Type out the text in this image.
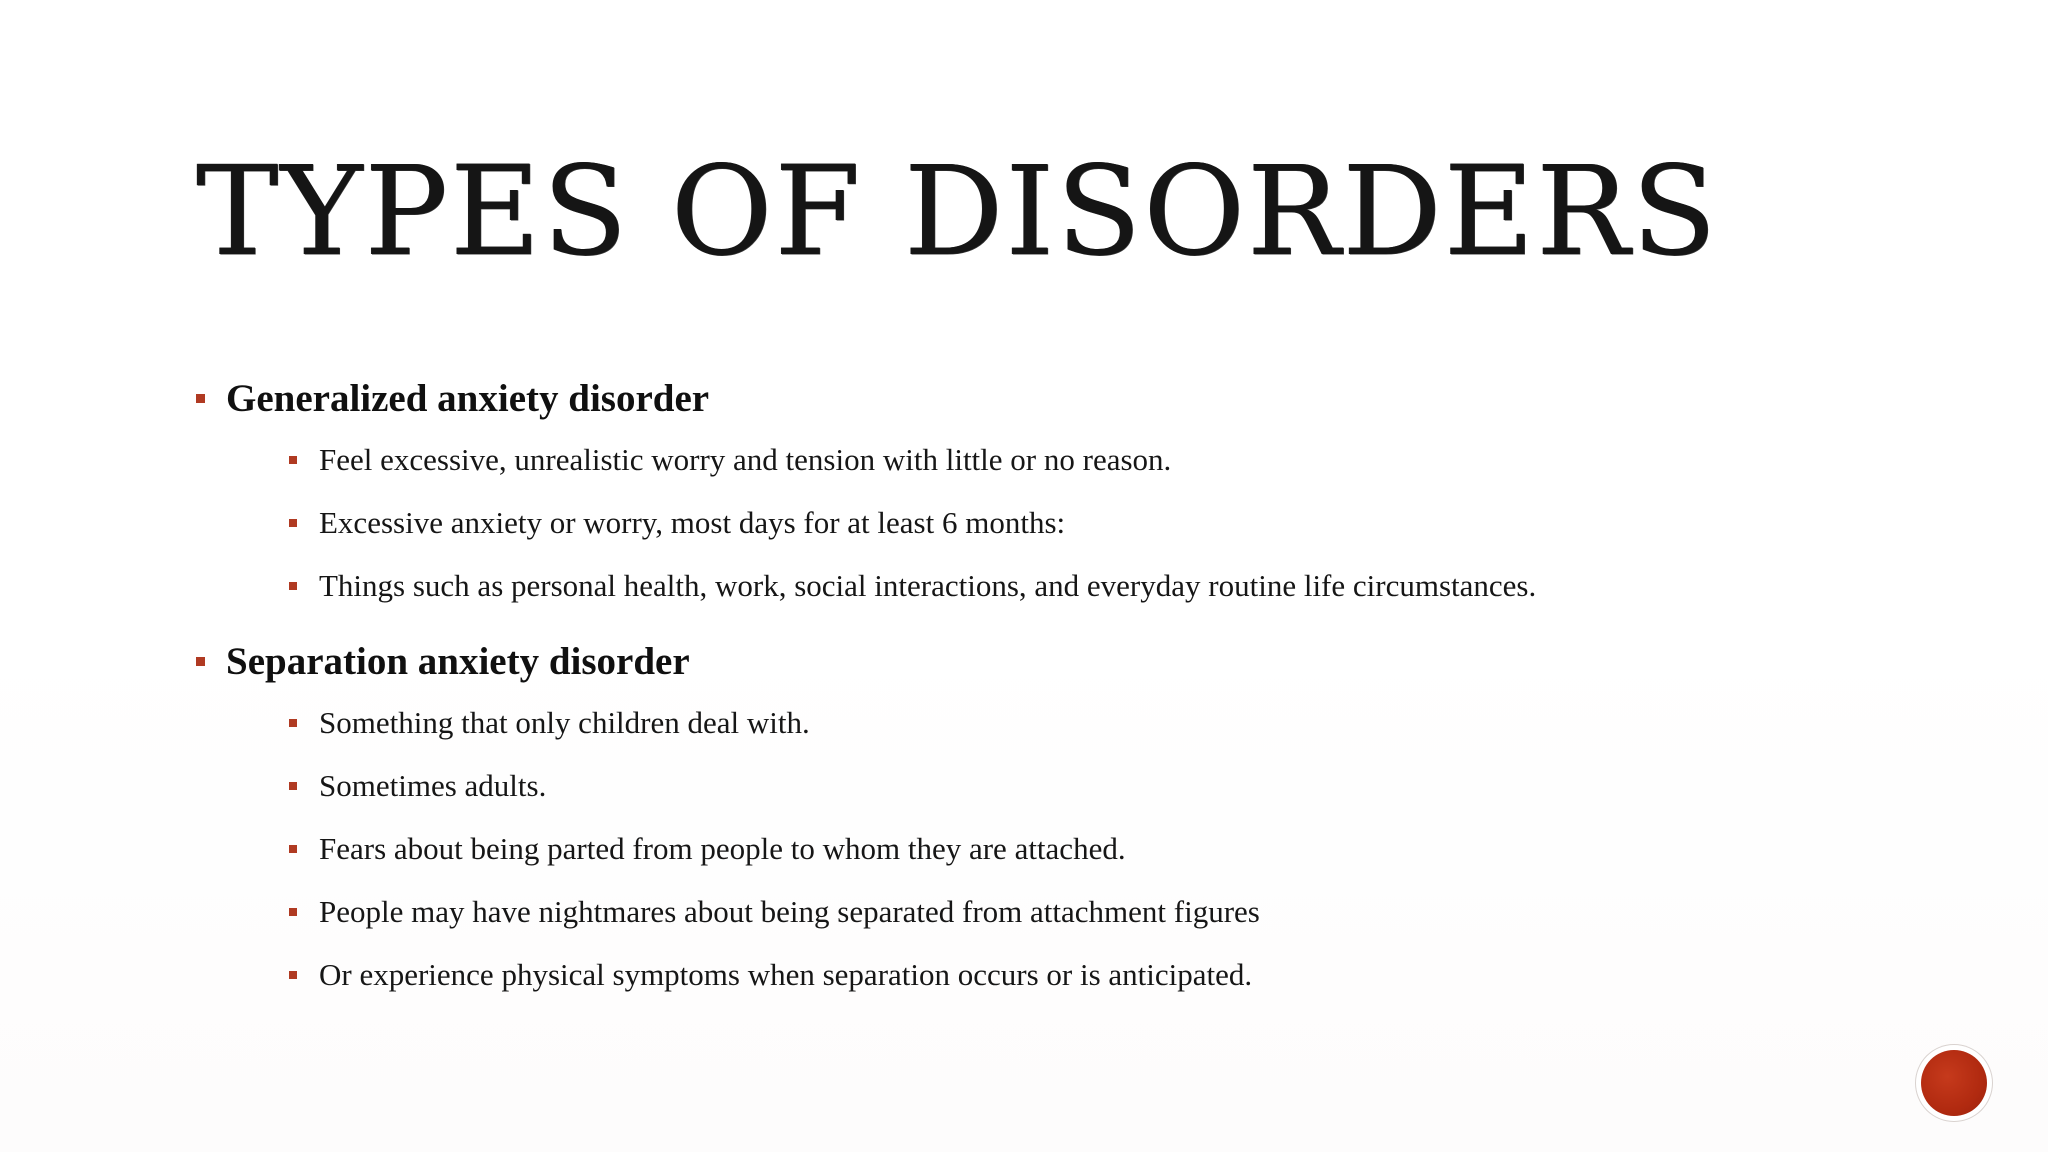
TYPES OF DISORDERS
Generalized anxiety disorder
Feel excessive, unrealistic worry and tension with little or no reason.
Excessive anxiety or worry, most days for at least 6 months:
Things such as personal health, work, social interactions, and everyday routine life circumstances.
Separation anxiety disorder
Something that only children deal with.
Sometimes adults.
Fears about being parted from people to whom they are attached.
People may have nightmares about being separated from attachment figures
Or experience physical symptoms when separation occurs or is anticipated.
